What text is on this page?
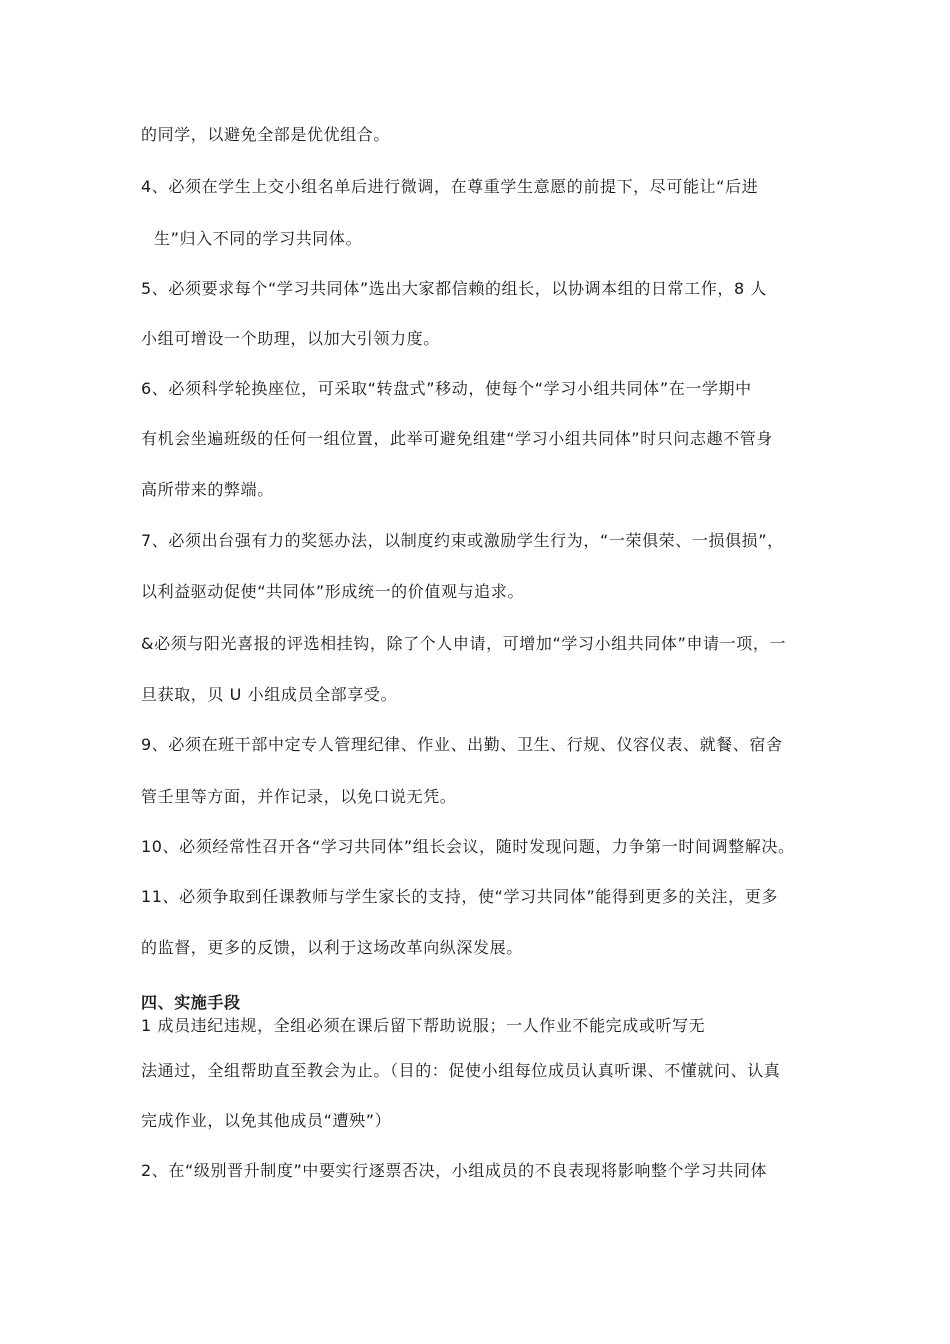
的同学，以避免全部是优优组合。
4、必须在学生上交小组名单后进行微调，在尊重学生意愿的前提下，尽可能让“后进
生”归入不同的学习共同体。
5、必须要求每个“学习共同体”选出大家都信赖的组长，以协调本组的日常工作，8 人
小组可增设一个助理，以加大引领力度。
6、必须科学轮换座位，可采取“转盘式”移动，使每个“学习小组共同体”在一学期中
有机会坐遍班级的任何一组位置，此举可避免组建“学习小组共同体”时只问志趣不管身
高所带来的弊端。
7、必须出台强有力的奖惩办法，以制度约束或激励学生行为，“一荣俱荣、一损俱损”，
以利益驱动促使“共同体”形成统一的价值观与追求。
&必须与阳光喜报的评选相挂钩，除了个人申请，可增加“学习小组共同体”申请一项，一
旦获取，贝 U 小组成员全部享受。
9、必须在班干部中定专人管理纪律、作业、出勤、卫生、行规、仪容仪表、就餐、宿舍
管壬里等方面，并作记录，以免口说无凭。
10、必须经常性召开各“学习共同体”组长会议，随时发现问题，力争第一时间调整解决。
11、必须争取到任课教师与学生家长的支持，使“学习共同体”能得到更多的关注，更多
的监督，更多的反馈，以利于这场改革向纵深发展。
四、实施手段
1 成员违纪违规，全组必须在课后留下帮助说服；一人作业不能完成或听写无
法通过，全组帮助直至教会为止。（目的：促使小组每位成员认真听课、不懂就问、认真
完成作业，以免其他成员“遭殃”）
2、在“级别晋升制度”中要实行逐票否决，小组成员的不良表现将影响整个学习共同体
